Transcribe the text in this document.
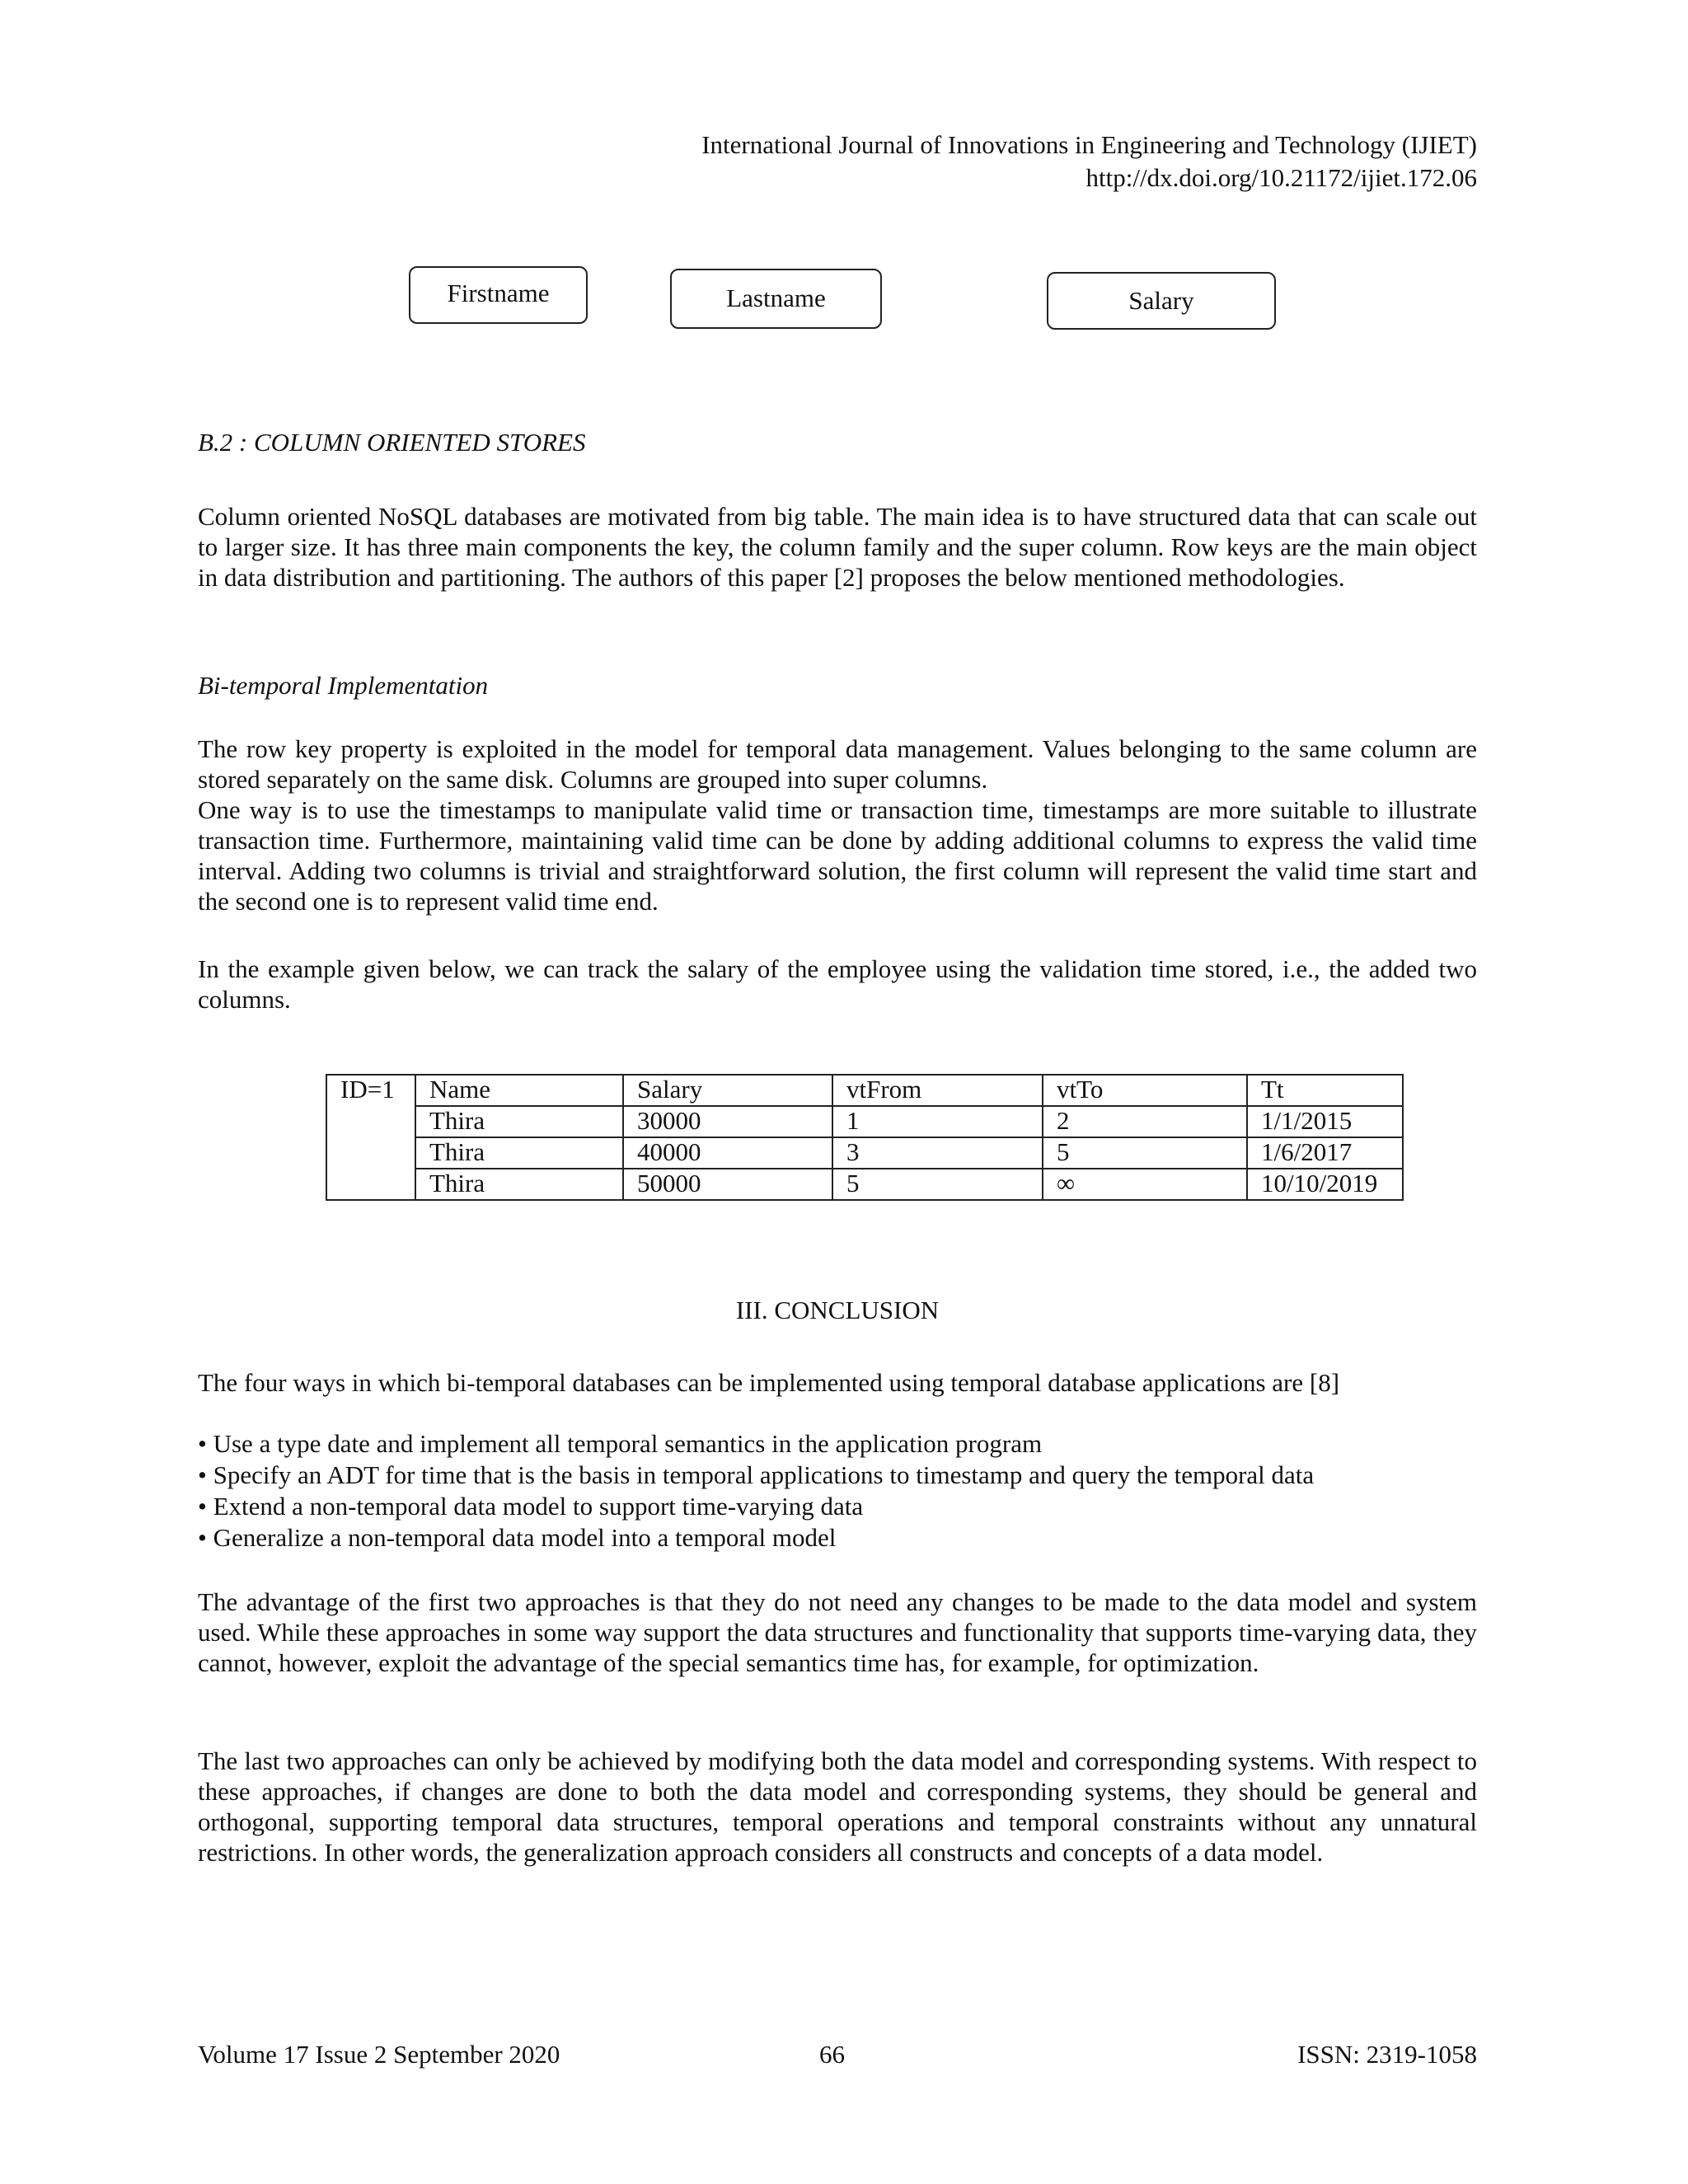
International Journal of Innovations in Engineering and Technology (IJIET)
http://dx.doi.org/10.21172/ijiet.172.06
Firstname	Lastname	Salary
B.2 : COLUMN ORIENTED STORES
Column oriented NoSQL databases are motivated from big table. The main idea is to have structured data that can scale out to larger size. It has three main components the key, the column family and the super column. Row keys are the main object in data distribution and partitioning. The authors of this paper [2] proposes the below mentioned methodologies.
Bi-temporal Implementation

The row key property is exploited in the model for temporal data management. Values belonging to the same column are stored separately on the same disk. Columns are grouped into super columns.

One way is to use the timestamps to manipulate valid time or transaction time, timestamps are more suitable to illustrate transaction time. Furthermore, maintaining valid time can be done by adding additional columns to express the valid time interval. Adding two columns is trivial and straightforward solution, the first column will represent the valid time start and the second one is to represent valid time end.

In the example given below, we can track the salary of the employee using the validation time stored, i.e., the added two columns.
ID=1	Name	Salary	vtFrom	vtTo	Tt
	Thira	30000	1	2	1/1/2015
	Thira	40000	3	5	1/6/2017
	Thira	50000	5	∞	10/10/2019
III. CONCLUSION
The four ways in which bi-temporal databases can be implemented using temporal database applications are [8]
• Use a type date and implement all temporal semantics in the application program
• Specify an ADT for time that is the basis in temporal applications to timestamp and query the temporal data
• Extend a non-temporal data model to support time-varying data
• Generalize a non-temporal data model into a temporal model
The advantage of the first two approaches is that they do not need any changes to be made to the data model and system used. While these approaches in some way support the data structures and functionality that supports time-varying data, they cannot, however, exploit the advantage of the special semantics time has, for example, for optimization.
The last two approaches can only be achieved by modifying both the data model and corresponding systems. With respect to these approaches, if changes are done to both the data model and corresponding systems, they should be general and orthogonal, supporting temporal data structures, temporal operations and temporal constraints without any unnatural restrictions. In other words, the generalization approach considers all constructs and concepts of a data model.
Volume 17 Issue 2 September 2020	66	ISSN: 2319-1058
